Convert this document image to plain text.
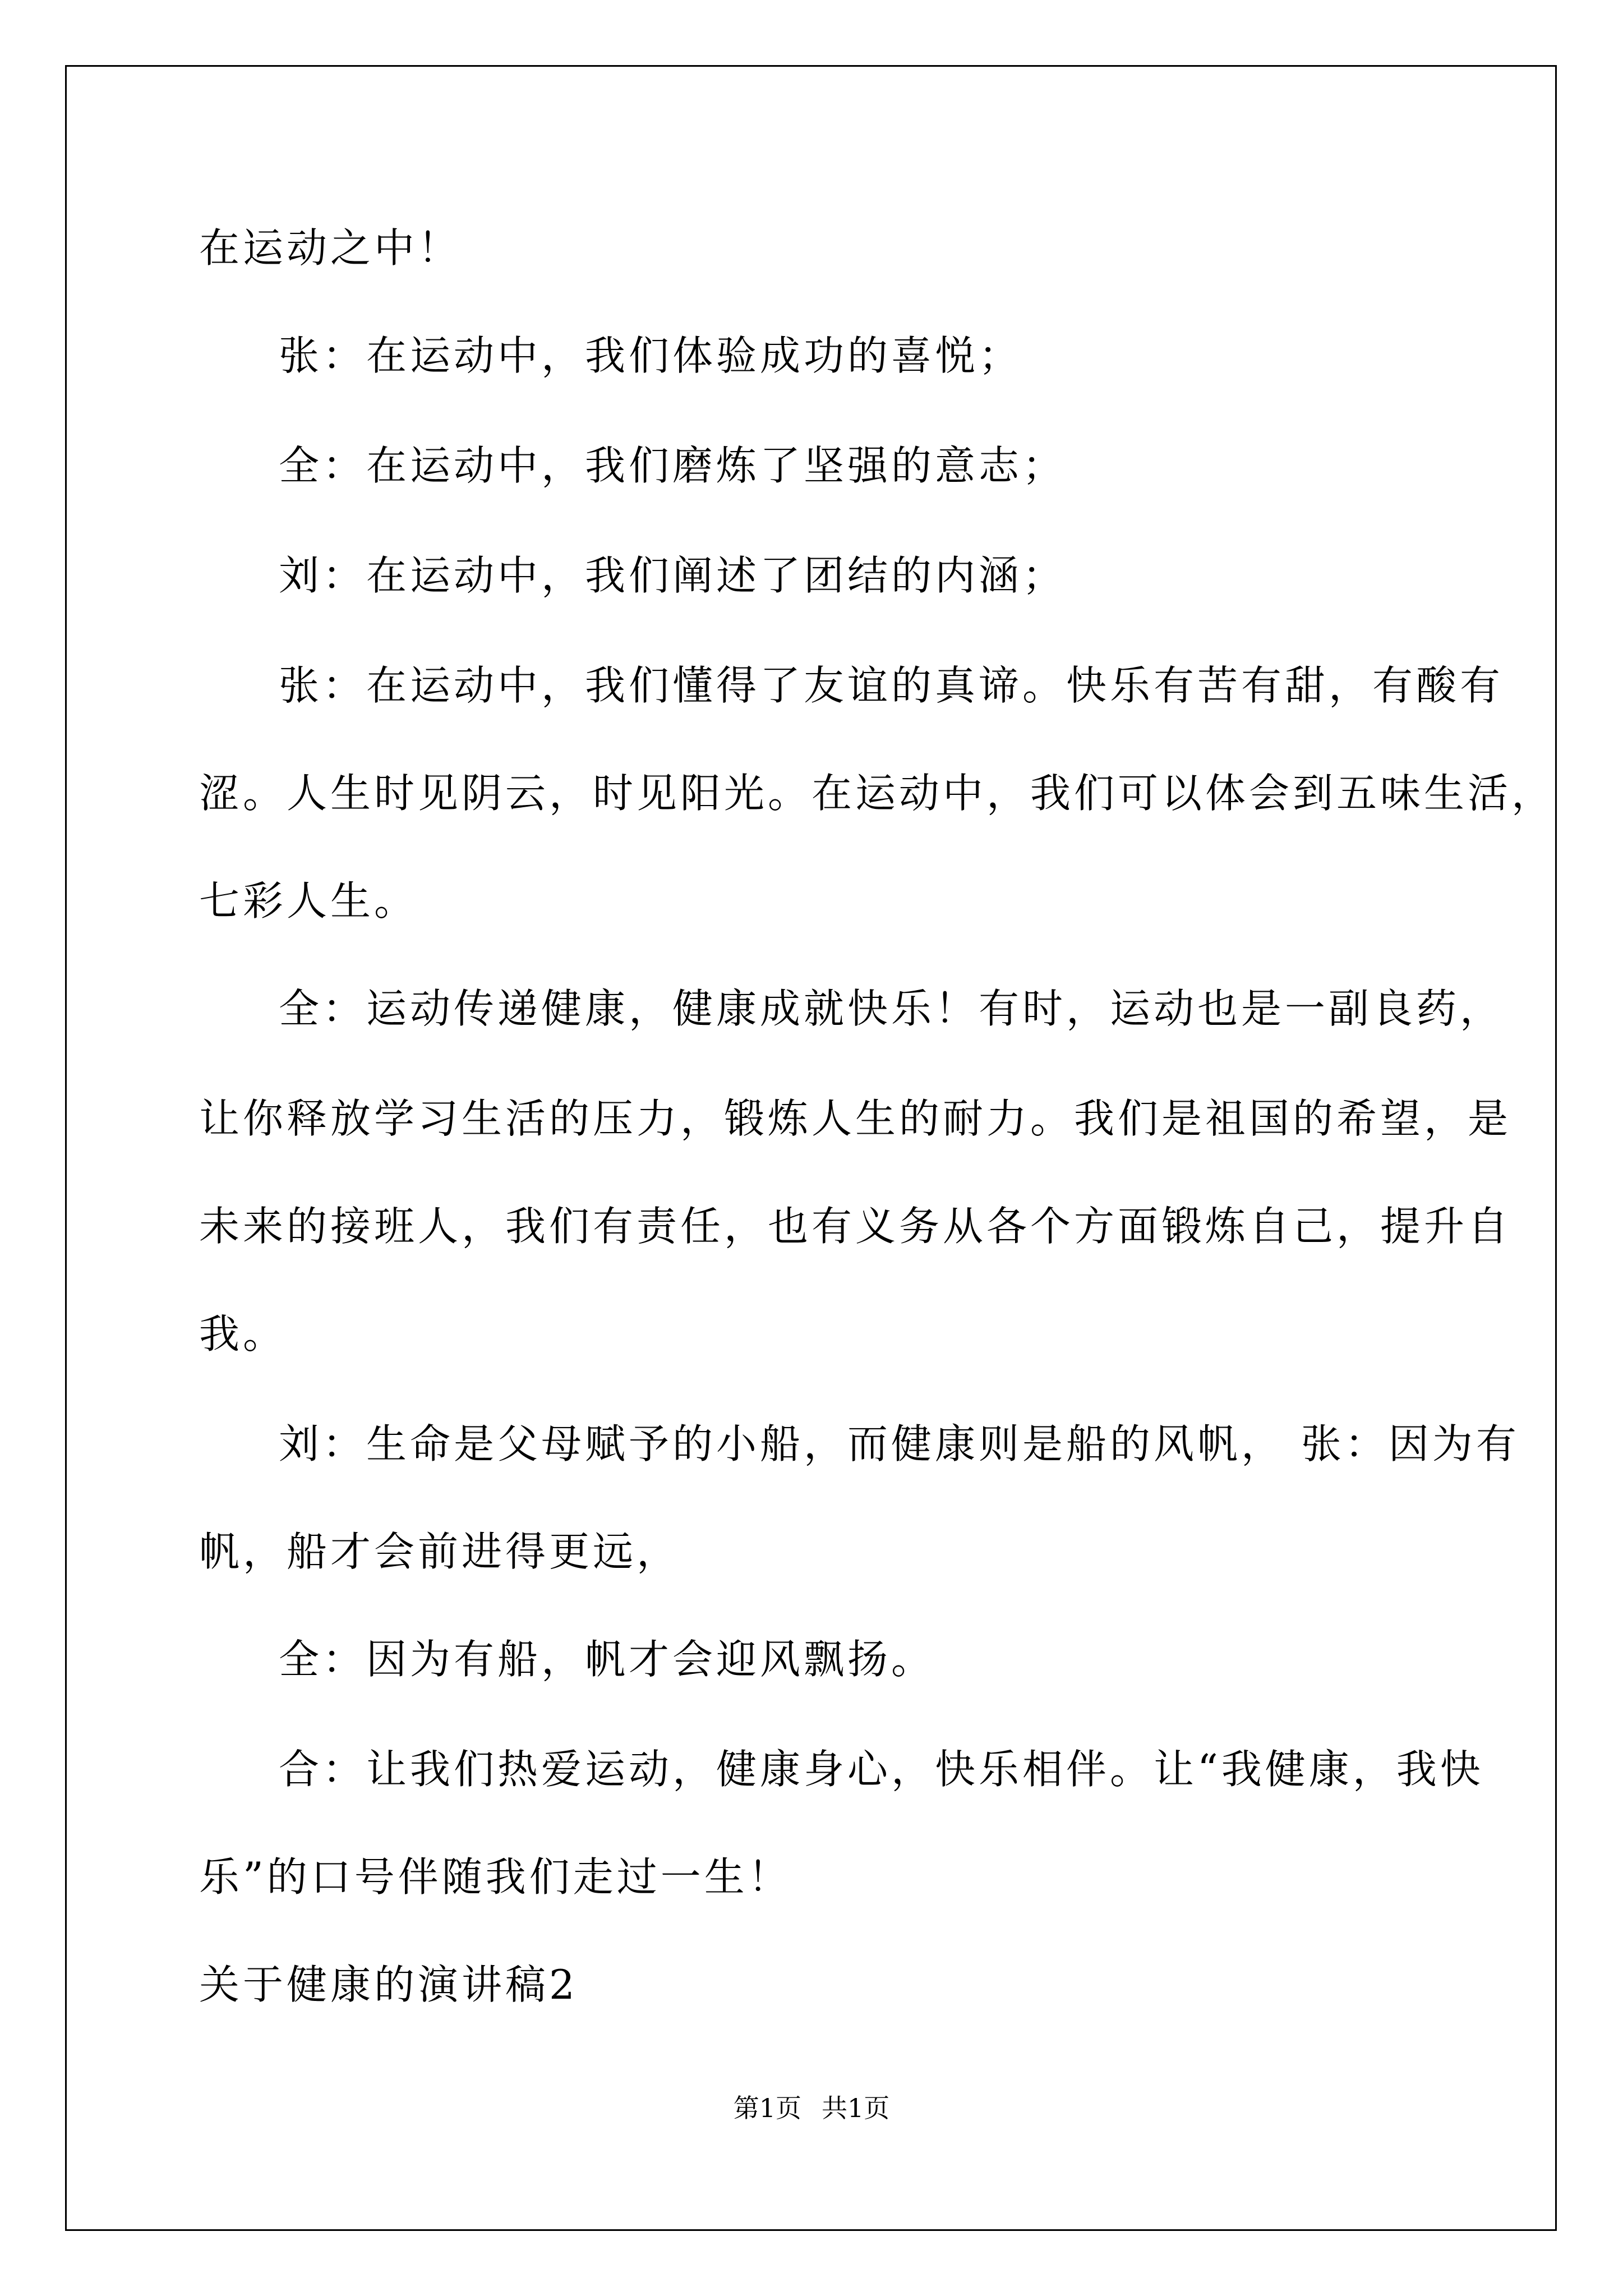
在运动之中！
张：在运动中，我们体验成功的喜悦；
全：在运动中，我们磨炼了坚强的意志；
刘：在运动中，我们阐述了团结的内涵；
张：在运动中，我们懂得了友谊的真谛。快乐有苦有甜，有酸有
涩。人生时见阴云，时见阳光。在运动中，我们可以体会到五味生活，
七彩人生。
全：运动传递健康，健康成就快乐！有时，运动也是一副良药，
让你释放学习生活的压力，锻炼人生的耐力。我们是祖国的希望，是
未来的接班人，我们有责任，也有义务从各个方面锻炼自己，提升自
我。
刘：生命是父母赋予的小船，而健康则是船的风帆， 张：因为有
帆，船才会前进得更远，
全：因为有船，帆才会迎风飘扬。
合：让我们热爱运动，健康身心，快乐相伴。让“我健康，我快
乐”的口号伴随我们走过一生！
关于健康的演讲稿2
第1页 共1页
